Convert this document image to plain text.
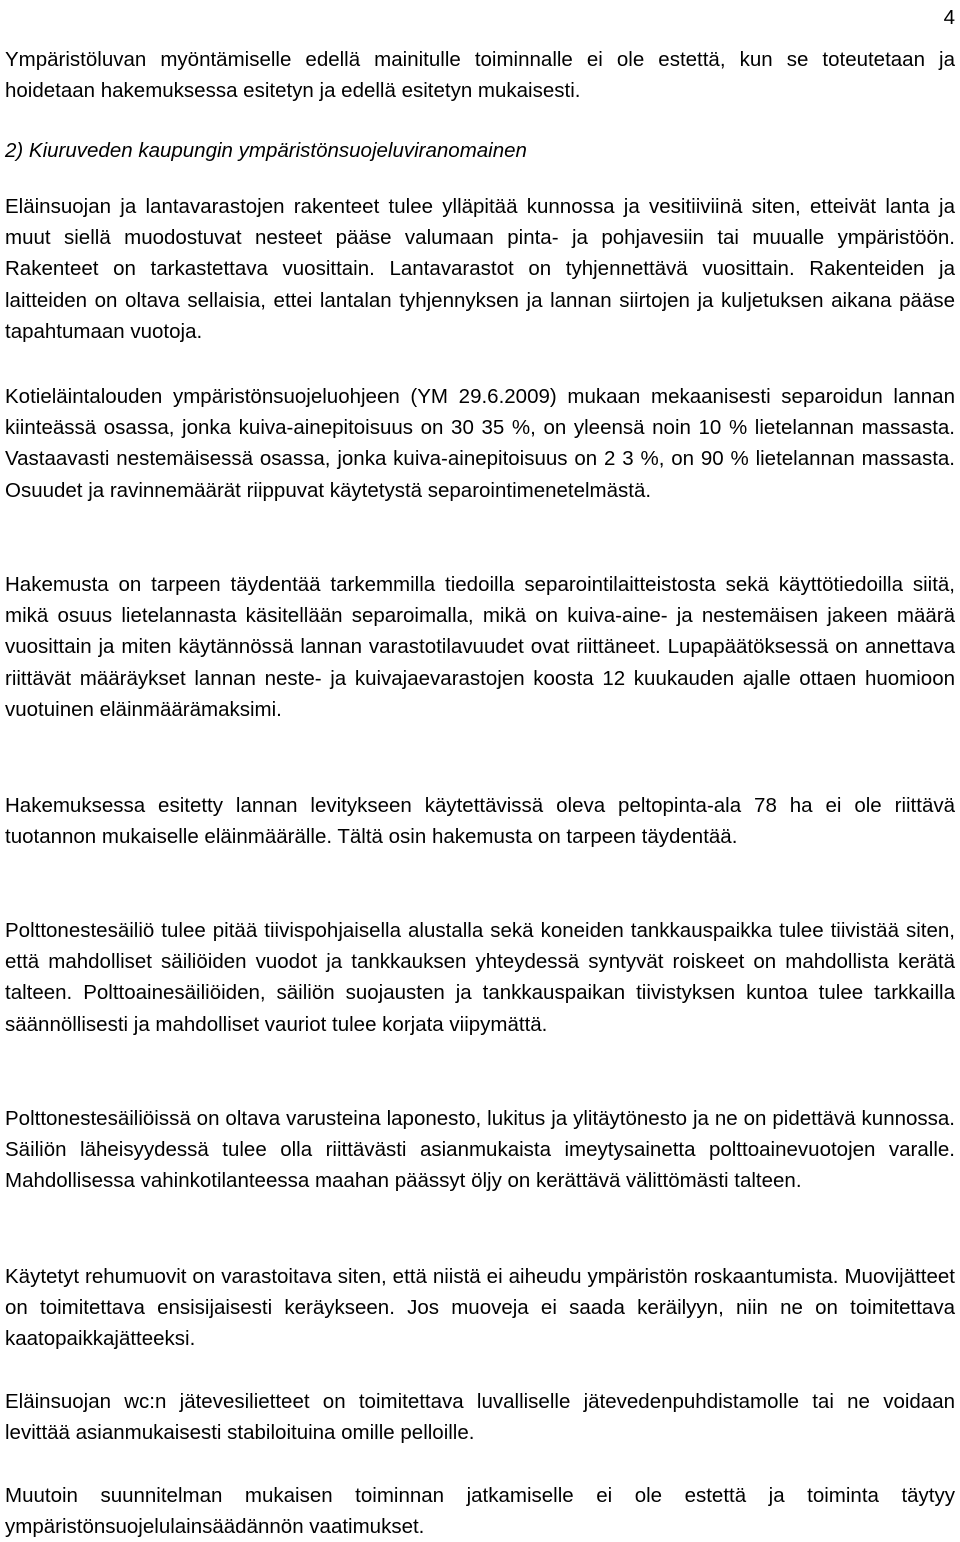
4

Ympäristöluvan myöntämiselle edellä mainitulle toiminnalle ei ole estettä, kun se toteutetaan ja hoidetaan hakemuksessa esitetyn ja edellä esitetyn mukaisesti.

2) Kiuruveden kaupungin ympäristönsuojeluviranomainen

Eläinsuojan ja lantavarastojen rakenteet tulee ylläpitää kunnossa ja vesitiiviinä siten, etteivät lanta ja muut siellä muodostuvat nesteet pääse valumaan pinta- ja pohjavesiin tai muualle ympäristöön. Rakenteet on tarkastettava vuosittain. Lantavarastot on tyhjennettävä vuosittain. Rakenteiden ja laitteiden on oltava sellaisia, ettei lantalan tyhjennyksen ja lannan siirtojen ja kuljetuksen aikana pääse tapahtumaan vuotoja.

Kotieläintalouden ympäristönsuojeluohjeen (YM 29.6.2009) mukaan mekaanisesti separoidun lannan kiinteässä osassa, jonka kuiva-ainepitoisuus on 30 35 %, on yleensä noin 10 % lietelannan massasta. Vastaavasti nestemäisessä osassa, jonka kuiva-ainepitoisuus on 2 3 %, on 90 % lietelannan massasta. Osuudet ja ravinnemäärät riippuvat käytetystä separointimenetelmästä.

Hakemusta on tarpeen täydentää tarkemmilla tiedoilla separointilaitteistosta sekä käyttötiedoilla siitä, mikä osuus lietelannasta käsitellään separoimalla, mikä on kuiva-aine- ja nestemäisen jakeen määrä vuosittain ja miten käytännössä lannan varastotilavuudet ovat riittäneet. Lupapäätöksessä on annettava riittävät määräykset lannan neste- ja kuivajaevarastojen koosta 12 kuukauden ajalle ottaen huomioon vuotuinen eläinmäärämaksimi.

Hakemuksessa esitetty lannan levitykseen käytettävissä oleva peltopinta-ala 78 ha ei ole riittävä tuotannon mukaiselle eläinmäärälle. Tältä osin hakemusta on tarpeen täydentää.

Polttonestesäiliö tulee pitää tiivispohjaisella alustalla sekä koneiden tankkauspaikka tulee tiivistää siten, että mahdolliset säiliöiden vuodot ja tankkauksen yhteydessä syntyvät roiskeet on mahdollista kerätä talteen. Polttoainesäiliöiden, säiliön suojausten ja tankkauspaikan tiivistyksen kuntoa tulee tarkkailla säännöllisesti ja mahdolliset vauriot tulee korjata viipymättä.

Polttonestesäiliöissä on oltava varusteina laponesto, lukitus ja ylitäytönesto ja ne on pidettävä kunnossa. Säiliön läheisyydessä tulee olla riittävästi asianmukaista imeytysainetta polttoainevuotojen varalle. Mahdollisessa vahinkotilanteessa maahan päässyt öljy on kerättävä välittömästi talteen.

Käytetyt rehumuovit on varastoitava siten, että niistä ei aiheudu ympäristön roskaantumista. Muovijätteet on toimitettava ensisijaisesti keräykseen. Jos muoveja ei saada keräilyyn, niin ne on toimitettava kaatopaikkajätteeksi.

Eläinsuojan wc:n jätevesilietteet on toimitettava luvalliselle jätevedenpuhdistamolle tai ne voidaan levittää asianmukaisesti stabiloituina omille pelloille.

Muutoin suunnitelman mukaisen toiminnan jatkamiselle ei ole estettä ja toiminta täytyy ympäristönsuojelulainsäädännön vaatimukset.
